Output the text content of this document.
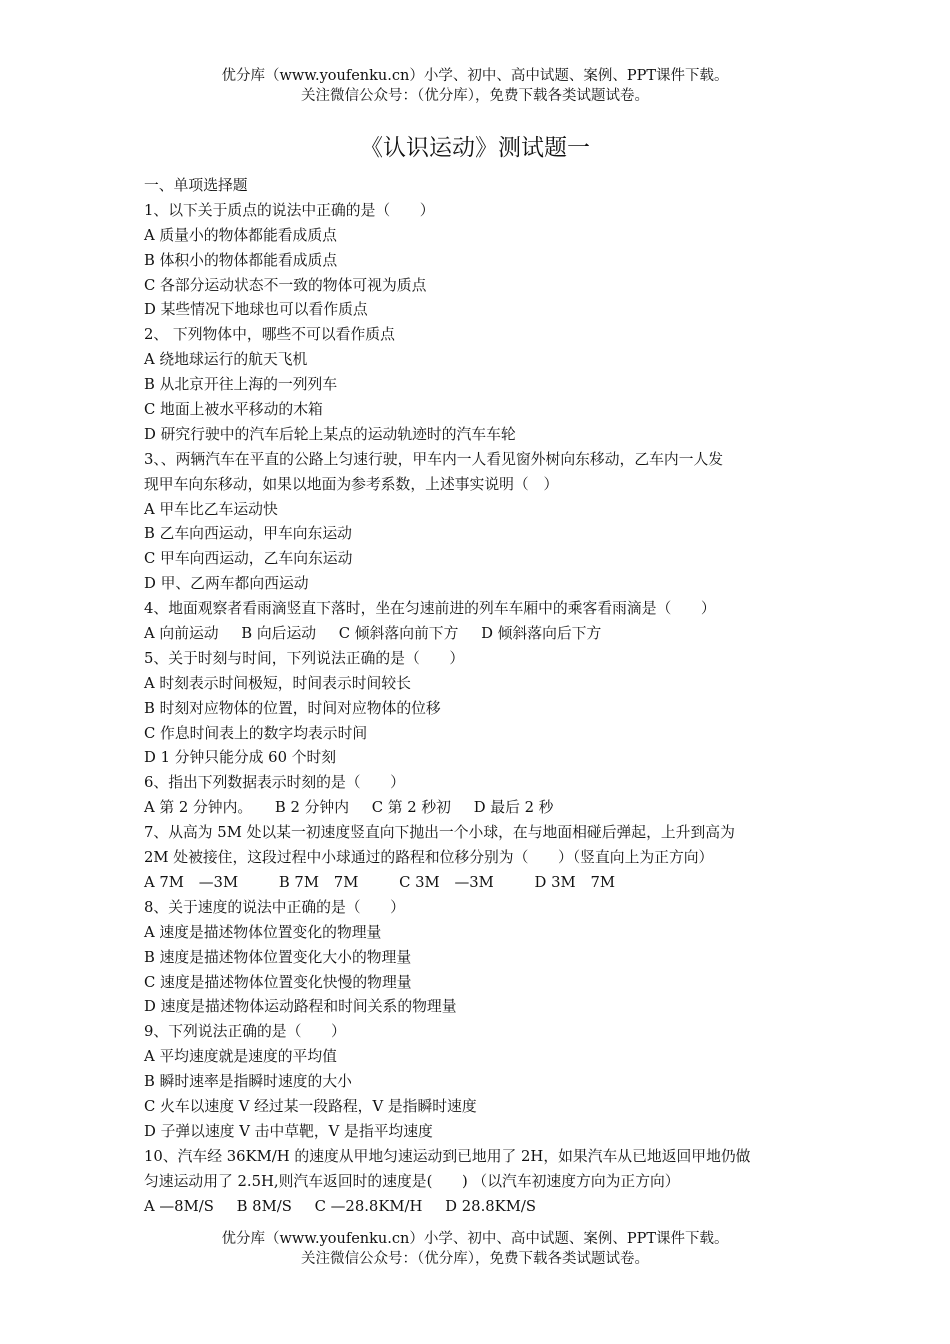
优分库（www.youfenku.cn）小学、初中、高中试题、案例、PPT课件下载。
关注微信公众号：（优分库），免费下载各类试题试卷。
《认识运动》测试题一
一、单项选择题
1、以下关于质点的说法中正确的是（　　）
A 质量小的物体都能看成质点
B 体积小的物体都能看成质点
C 各部分运动状态不一致的物体可视为质点
D 某些情况下地球也可以看作质点
2、 下列物体中，哪些不可以看作质点
A 绕地球运行的航天飞机
B 从北京开往上海的一列列车
C 地面上被水平移动的木箱
D 研究行驶中的汽车后轮上某点的运动轨迹时的汽车车轮
3、、两辆汽车在平直的公路上匀速行驶，甲车内一人看见窗外树向东移动，乙车内一人发
现甲车向东移动，如果以地面为参考系数，上述事实说明（　）
A 甲车比乙车运动快
B 乙车向西运动，甲车向东运动
C 甲车向西运动，乙车向东运动
D 甲、乙两车都向西运动
4、地面观察者看雨滴竖直下落时，坐在匀速前进的列车车厢中的乘客看雨滴是（　　）
A 向前运动 B 向后运动 C 倾斜落向前下方 D 倾斜落向后下方
5、关于时刻与时间，下列说法正确的是（　　）
A 时刻表示时间极短，时间表示时间较长
B 时刻对应物体的位置，时间对应物体的位移
C 作息时间表上的数字均表示时间
D 1 分钟只能分成 60 个时刻
6、指出下列数据表示时刻的是（　　）
A 第 2 分钟内。 B 2 分钟内 C 第 2 秒初 D 最后 2 秒
7、从高为 5M 处以某一初速度竖直向下抛出一个小球，在与地面相碰后弹起，上升到高为
2M 处被接住，这段过程中小球通过的路程和位移分别为（　　）（竖直向上为正方向）
A 7M　—3M	B 7M　7M	C 3M　—3M	D 3M　7M
8、关于速度的说法中正确的是（　　）
A 速度是描述物体位置变化的物理量
B 速度是描述物体位置变化大小的物理量
C 速度是描述物体位置变化快慢的物理量
D 速度是描述物体运动路程和时间关系的物理量
9、下列说法正确的是（　　）
A 平均速度就是速度的平均值
B 瞬时速率是指瞬时速度的大小
C 火车以速度 V 经过某一段路程，V 是指瞬时速度
D 子弹以速度 V 击中草靶，V 是指平均速度
10、汽车经 36KM/H 的速度从甲地匀速运动到已地用了 2H，如果汽车从已地返回甲地仍做
匀速运动用了 2.5H,则汽车返回时的速度是(　　) （以汽车初速度方向为正方向）
A —8M/S B 8M/S C —28.8KM/H D 28.8KM/S
优分库（www.youfenku.cn）小学、初中、高中试题、案例、PPT课件下载。
关注微信公众号：（优分库），免费下载各类试题试卷。
